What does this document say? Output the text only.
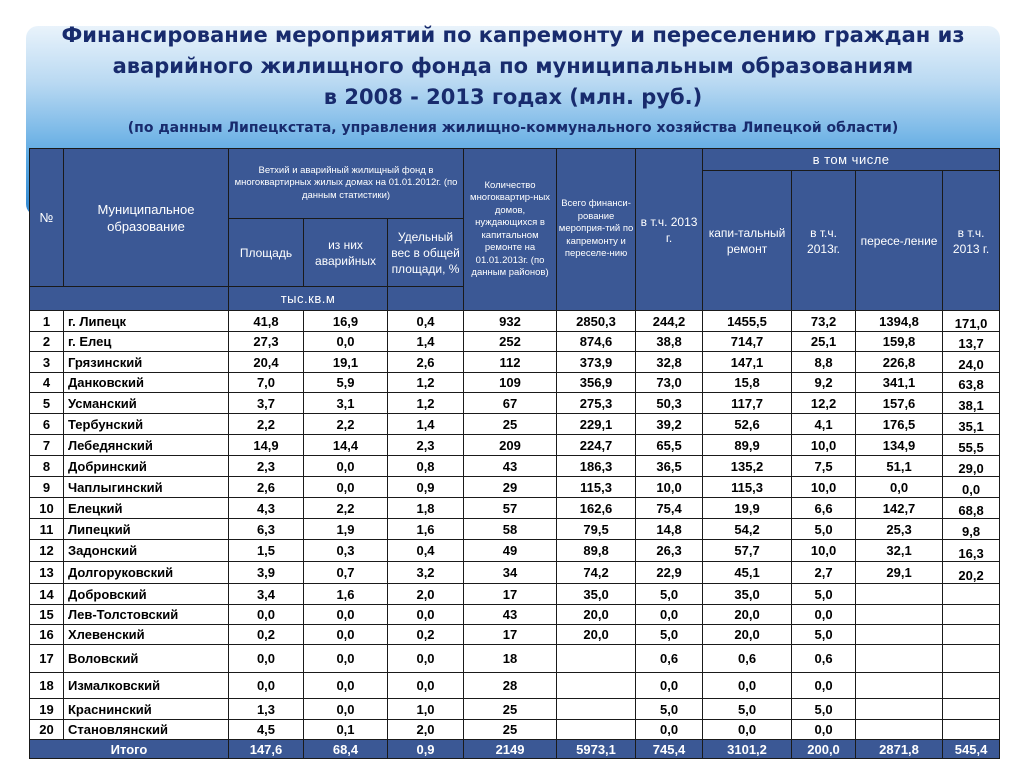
Финансирование мероприятий по капремонту и переселению граждан из
аварийного жилищного фонда по муниципальным образованиям
в 2008 - 2013 годах (млн. руб.)
(по данным Липецкстата, управления жилищно-коммунального хозяйства Липецкой области)
№	Муниципальное образование	Ветхий и аварийный жилищный фонд в многоквартирных жилых домах на 01.01.2012г. (по данным статистики)			Количество многоквартир-ных домов, нуждающихся в капитальном ремонте на 01.01.2013г. (по данным районов)	Всего финанси-рование мероприя-тий по капремонту и переселе-нию	в т.ч. 2013 г.	в том числе			
								капи-тальный ремонт	в т.ч. 2013г.	пересе-ление	в т.ч. 2013 г.
		Площадь	из них аварийных	Удельный вес в общей площади, %							
		тыс.кв.м									
1	г. Липецк	41,8	16,9	0,4	932	2850,3	244,2	1455,5	73,2	1394,8	171,0
2	г. Елец	27,3	0,0	1,4	252	874,6	38,8	714,7	25,1	159,8	13,7
3	Грязинский	20,4	19,1	2,6	112	373,9	32,8	147,1	8,8	226,8	24,0
4	Данковский	7,0	5,9	1,2	109	356,9	73,0	15,8	9,2	341,1	63,8
5	Усманский	3,7	3,1	1,2	67	275,3	50,3	117,7	12,2	157,6	38,1
6	Тербунский	2,2	2,2	1,4	25	229,1	39,2	52,6	4,1	176,5	35,1
7	Лебедянский	14,9	14,4	2,3	209	224,7	65,5	89,9	10,0	134,9	55,5
8	Добринский	2,3	0,0	0,8	43	186,3	36,5	135,2	7,5	51,1	29,0
9	Чаплыгинский	2,6	0,0	0,9	29	115,3	10,0	115,3	10,0	0,0	0,0
10	Елецкий	4,3	2,2	1,8	57	162,6	75,4	19,9	6,6	142,7	68,8
11	Липецкий	6,3	1,9	1,6	58	79,5	14,8	54,2	5,0	25,3	9,8
12	Задонский	1,5	0,3	0,4	49	89,8	26,3	57,7	10,0	32,1	16,3
13	Долгоруковский	3,9	0,7	3,2	34	74,2	22,9	45,1	2,7	29,1	20,2
14	Добровский	3,4	1,6	2,0	17	35,0	5,0	35,0	5,0		
15	Лев-Толстовский	0,0	0,0	0,0	43	20,0	0,0	20,0	0,0		
16	Хлевенский	0,2	0,0	0,2	17	20,0	5,0	20,0	5,0		
17	Воловский	0,0	0,0	0,0	18		0,6	0,6	0,6		
18	Измалковский	0,0	0,0	0,0	28		0,0	0,0	0,0		
19	Краснинский	1,3	0,0	1,0	25		5,0	5,0	5,0		
20	Становлянский	4,5	0,1	2,0	25		0,0	0,0	0,0		
Итого		147,6	68,4	0,9	2149	5973,1	745,4	3101,2	200,0	2871,8	545,4
